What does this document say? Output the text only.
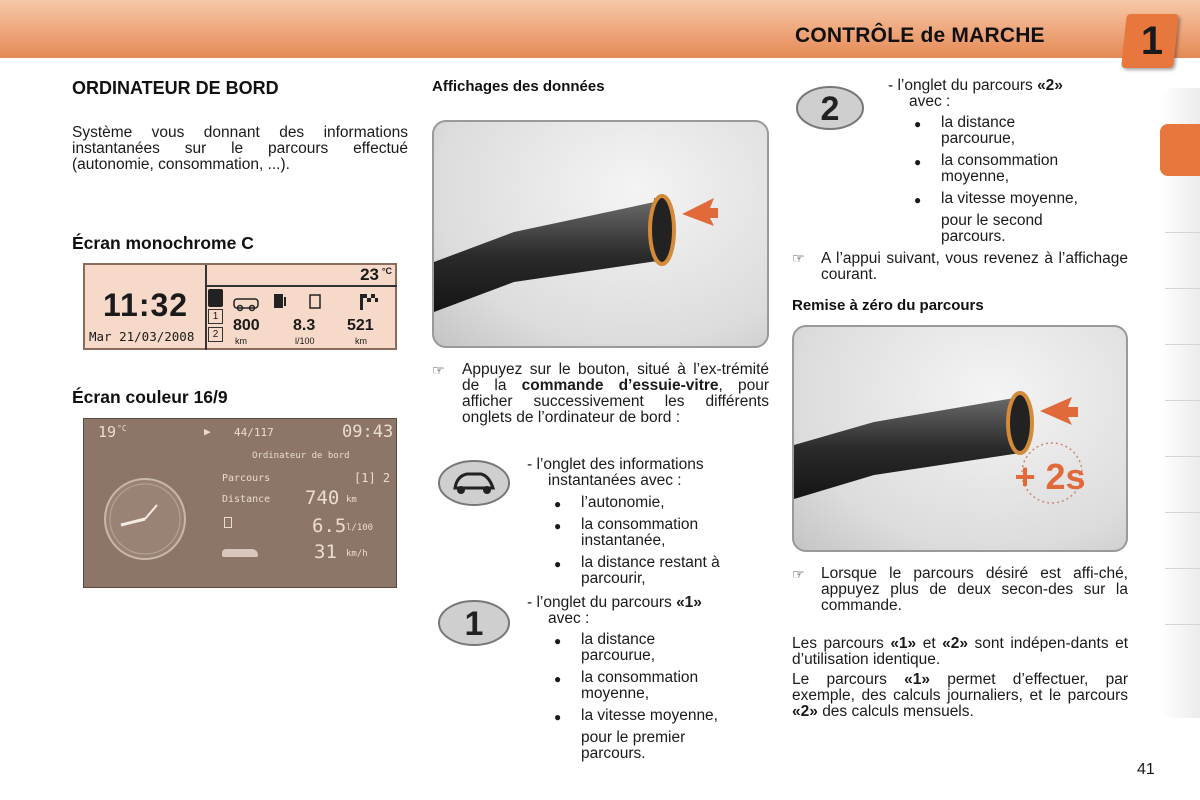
CONTRÔLE de MARCHE	1
ORDINATEUR DE BORD

Système vous donnant des informations instantanées sur le parcours effectué (autonomie, consommation, ...).

Écran monochrome C
23 °C
11:32
Mar 21/03/2008
1
2
800 8.3 521
km	l/100	km
Écran couleur 16/9
19 °C	▶ 44/117	09:43
Ordinateur de bord
Parcours	[1] 2
Distance 740 km
6.5 l/100
31 km/h
Affichages des données
☞ Appuyez sur le bouton, situé à l’ex-trémité de la commande d’essuie-vitre, pour afficher successivement les différents onglets de l’ordinateur de bord :

- l’onglet des informations
instantanées avec :
● l’autonomie,
● la consommation instantanée,
● la distance restant à parcourir,
1
- l’onglet du parcours «1»
avec :
● la distance parcourue,
● la consommation moyenne,
● la vitesse moyenne,
pour le premier parcours.
2
- l’onglet du parcours «2»
avec :
● la distance parcourue,
● la consommation moyenne,
● la vitesse moyenne,
pour le second parcours.
☞ A l’appui suivant, vous revenez à l’affichage courant.

Remise à zéro du parcours
+ 2s
☞ Lorsque le parcours désiré est affi-ché, appuyez plus de deux secon-des sur la commande.

Les parcours «1» et «2» sont indépen-dants et d’utilisation identique.

Le parcours «1» permet d’effectuer, par exemple, des calculs journaliers, et le parcours «2» des calculs mensuels.

41
